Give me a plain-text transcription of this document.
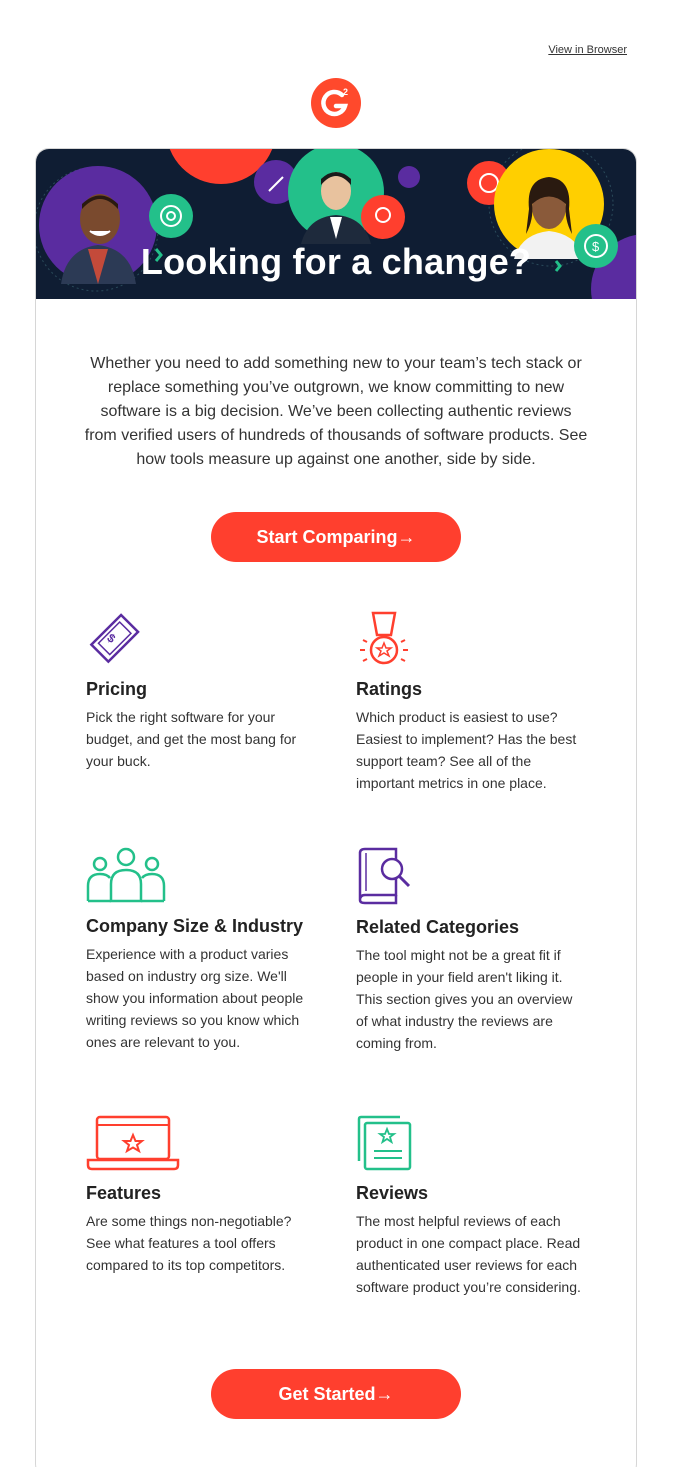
View in Browser
2
$
Looking for a change?

Whether you need to add something new to your team’s tech stack or replace something you’ve outgrown, we know committing to new software is a big decision. We’ve been collecting authentic reviews from verified users of hundreds of thousands of software products. See how tools measure up against one another, side by side.

Start Comparing→
$
Pricing

Pick the right software for your budget, and get the most bang for your buck.

Ratings

Which product is easiest to use? Easiest to implement? Has the best support team? See all of the important metrics in one place.

Company Size & Industry

Experience with a product varies based on industry org size. We'll show you information about people writing reviews so you know which ones are relevant to you.

Related Categories

The tool might not be a great fit if people in your field aren't liking it. This section gives you an overview of what industry the reviews are coming from.

Features

Are some things non-negotiable? See what features a tool offers compared to its top competitors.

Reviews

The most helpful reviews of each product in one compact place. Read authenticated user reviews for each software product you’re considering.

Get Started→
